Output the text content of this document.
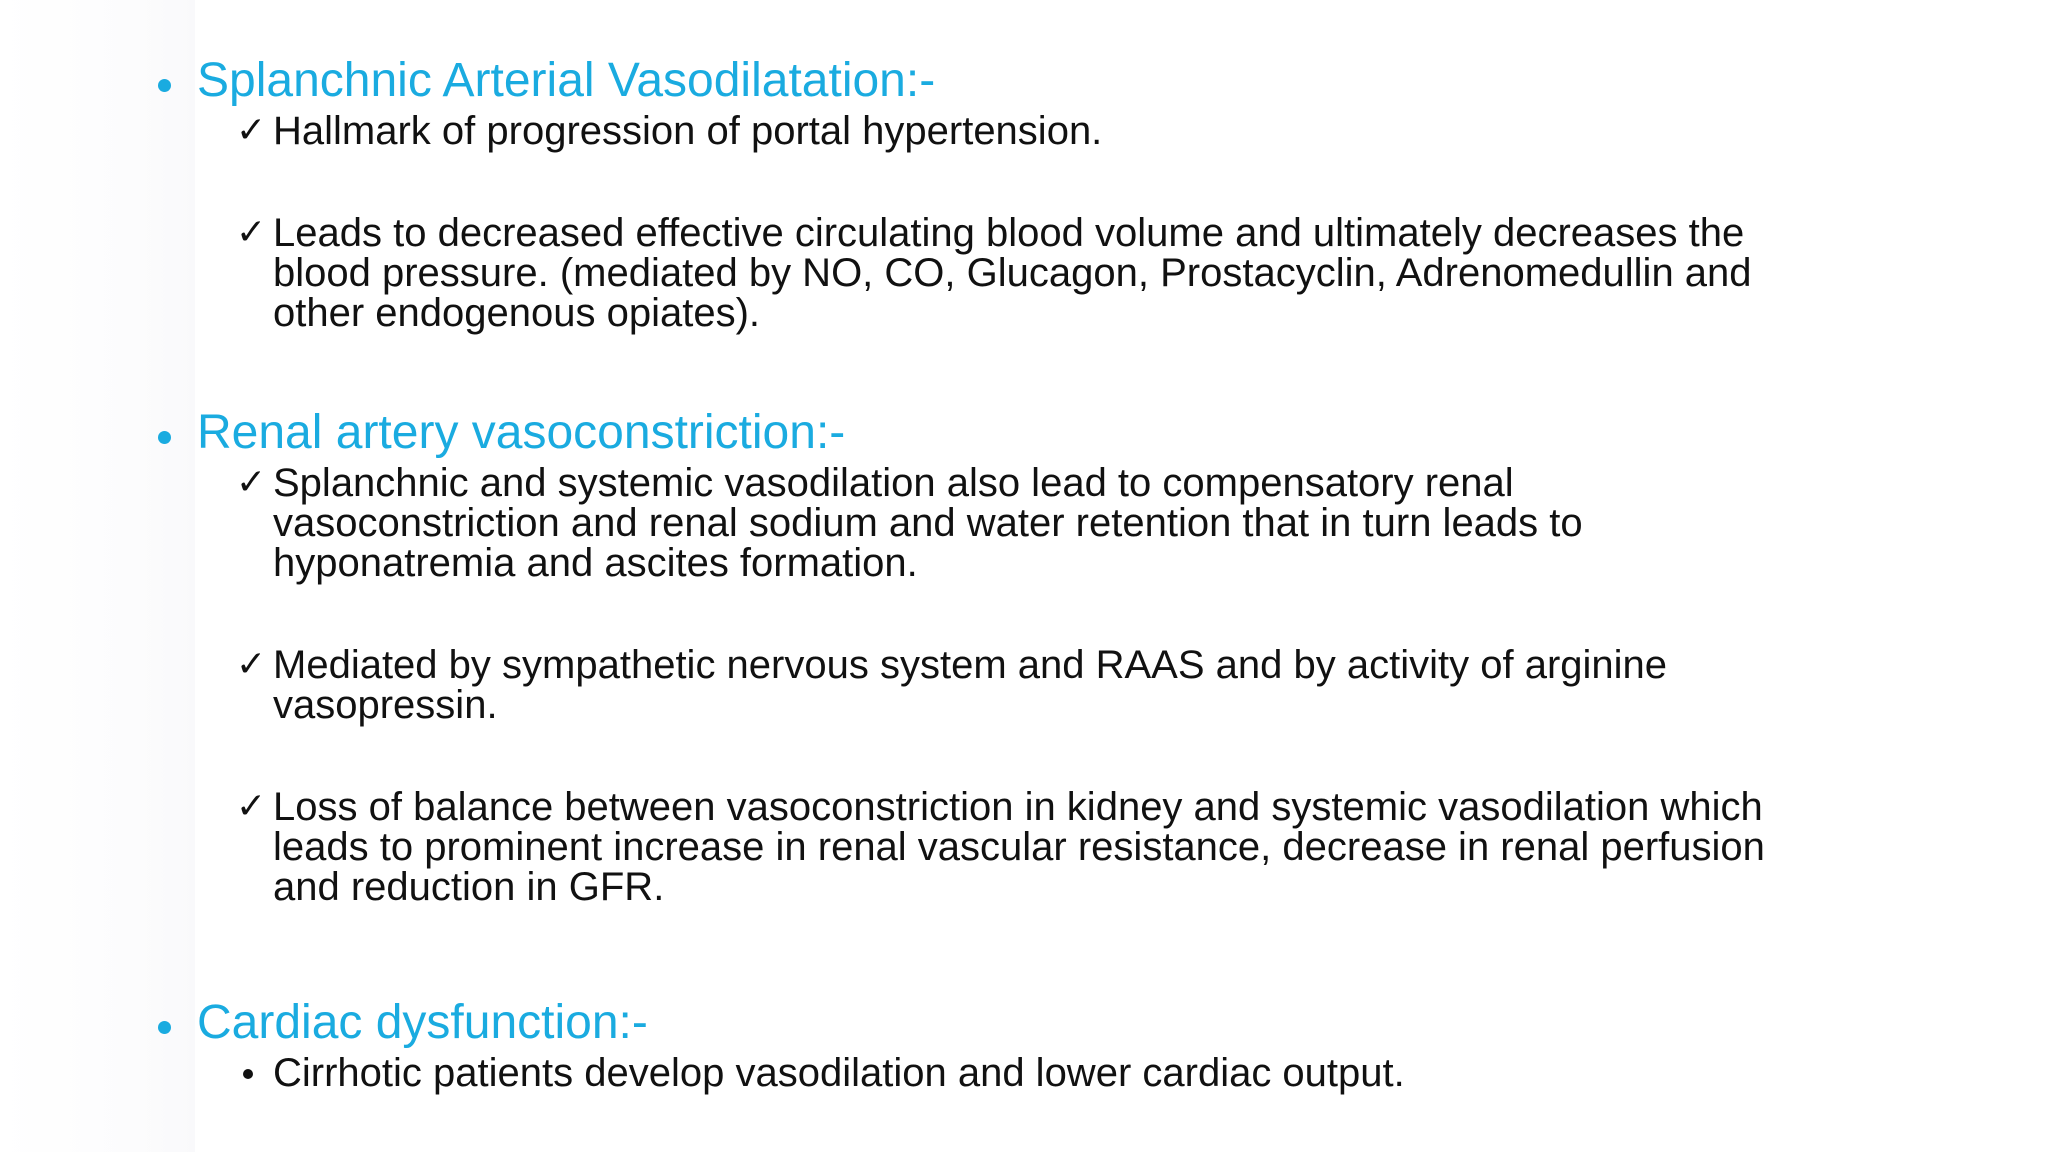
Splanchnic Arterial Vasodilatation:-
✓ Hallmark of progression of portal hypertension.
✓ Leads to decreased effective circulating blood volume and ultimately decreases the
blood pressure. (mediated by NO, CO, Glucagon, Prostacyclin, Adrenomedullin and
other endogenous opiates).
Renal artery vasoconstriction:-
✓ Splanchnic and systemic vasodilation also lead to compensatory renal
vasoconstriction and renal sodium and water retention that in turn leads to
hyponatremia and ascites formation.
✓ Mediated by sympathetic nervous system and RAAS and by activity of arginine
vasopressin.
✓ Loss of balance between vasoconstriction in kidney and systemic vasodilation which
leads to prominent increase in renal vascular resistance, decrease in renal perfusion
and reduction in GFR.
Cardiac dysfunction:-
Cirrhotic patients develop vasodilation and lower cardiac output.
